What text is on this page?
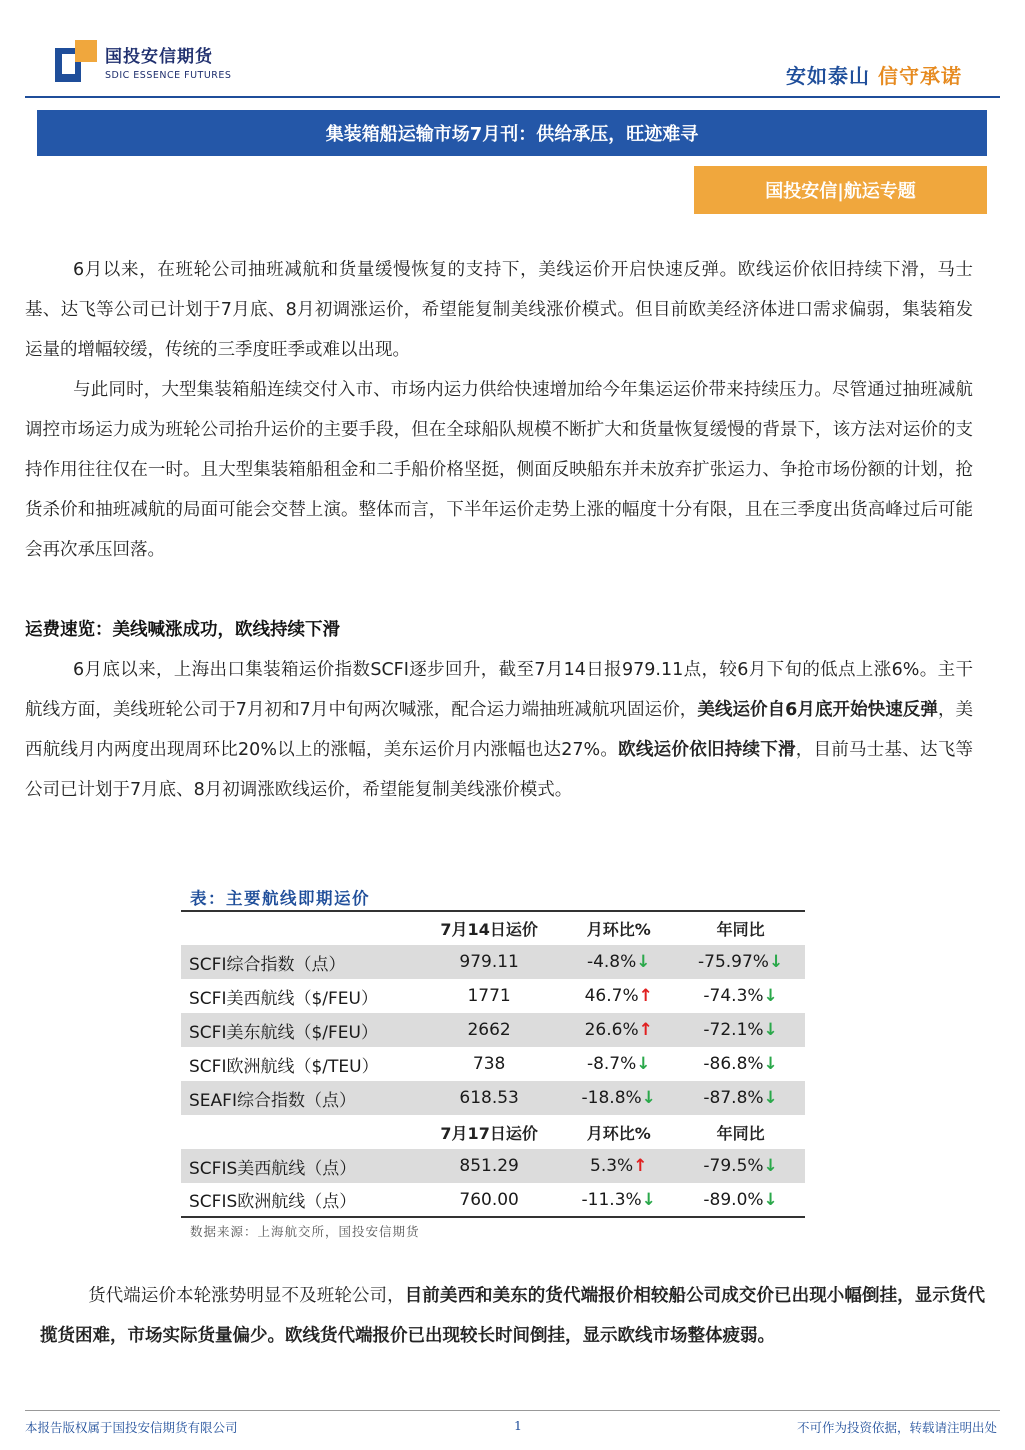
国投安信期货
SDIC ESSENCE FUTURES	安如泰山 信守承诺
集装箱船运输市场7月刊：供给承压，旺迹难寻
国投安信|航运专题
6月以来，在班轮公司抽班减航和货量缓慢恢复的支持下，美线运价开启快速反弹。欧线运价依旧持续下滑，马士基、达飞等公司已计划于7月底、8月初调涨运价，希望能复制美线涨价模式。但目前欧美经济体进口需求偏弱，集装箱发运量的增幅较缓，传统的三季度旺季或难以出现。
与此同时，大型集装箱船连续交付入市、市场内运力供给快速增加给今年集运运价带来持续压力。尽管通过抽班减航调控市场运力成为班轮公司抬升运价的主要手段，但在全球船队规模不断扩大和货量恢复缓慢的背景下，该方法对运价的支持作用往往仅在一时。且大型集装箱船租金和二手船价格坚挺，侧面反映船东并未放弃扩张运力、争抢市场份额的计划，抢货杀价和抽班减航的局面可能会交替上演。整体而言，下半年运价走势上涨的幅度十分有限，且在三季度出货高峰过后可能会再次承压回落。
运费速览：美线喊涨成功，欧线持续下滑
6月底以来，上海出口集装箱运价指数SCFI逐步回升，截至7月14日报979.11点，较6月下旬的低点上涨6%。主干航线方面，美线班轮公司于7月初和7月中旬两次喊涨，配合运力端抽班减航巩固运价，美线运价自6月底开始快速反弹，美西航线月内两度出现周环比20%以上的涨幅，美东运价月内涨幅也达27%。欧线运价依旧持续下滑，目前马士基、达飞等公司已计划于7月底、8月初调涨欧线运价，希望能复制美线涨价模式。
表：主要航线即期运价
	7月14日运价	月环比%	年同比
SCFI综合指数（点）	979.11	-4.8%↓	-75.97%↓
SCFI美西航线（$/FEU）	1771	46.7%↑	-74.3%↓
SCFI美东航线（$/FEU）	2662	26.6%↑	-72.1%↓
SCFI欧洲航线（$/TEU）	738	-8.7%↓	-86.8%↓
SEAFI综合指数（点）	618.53	-18.8%↓	-87.8%↓
	7月17日运价	月环比%	年同比
SCFIS美西航线（点）	851.29	5.3%↑	-79.5%↓
SCFIS欧洲航线（点）	760.00	-11.3%↓	-89.0%↓
数据来源：上海航交所，国投安信期货
货代端运价本轮涨势明显不及班轮公司，目前美西和美东的货代端报价相较船公司成交价已出现小幅倒挂，显示货代揽货困难，市场实际货量偏少。欧线货代端报价已出现较长时间倒挂，显示欧线市场整体疲弱。
本报告版权属于国投安信期货有限公司	1	不可作为投资依据，转载请注明出处
